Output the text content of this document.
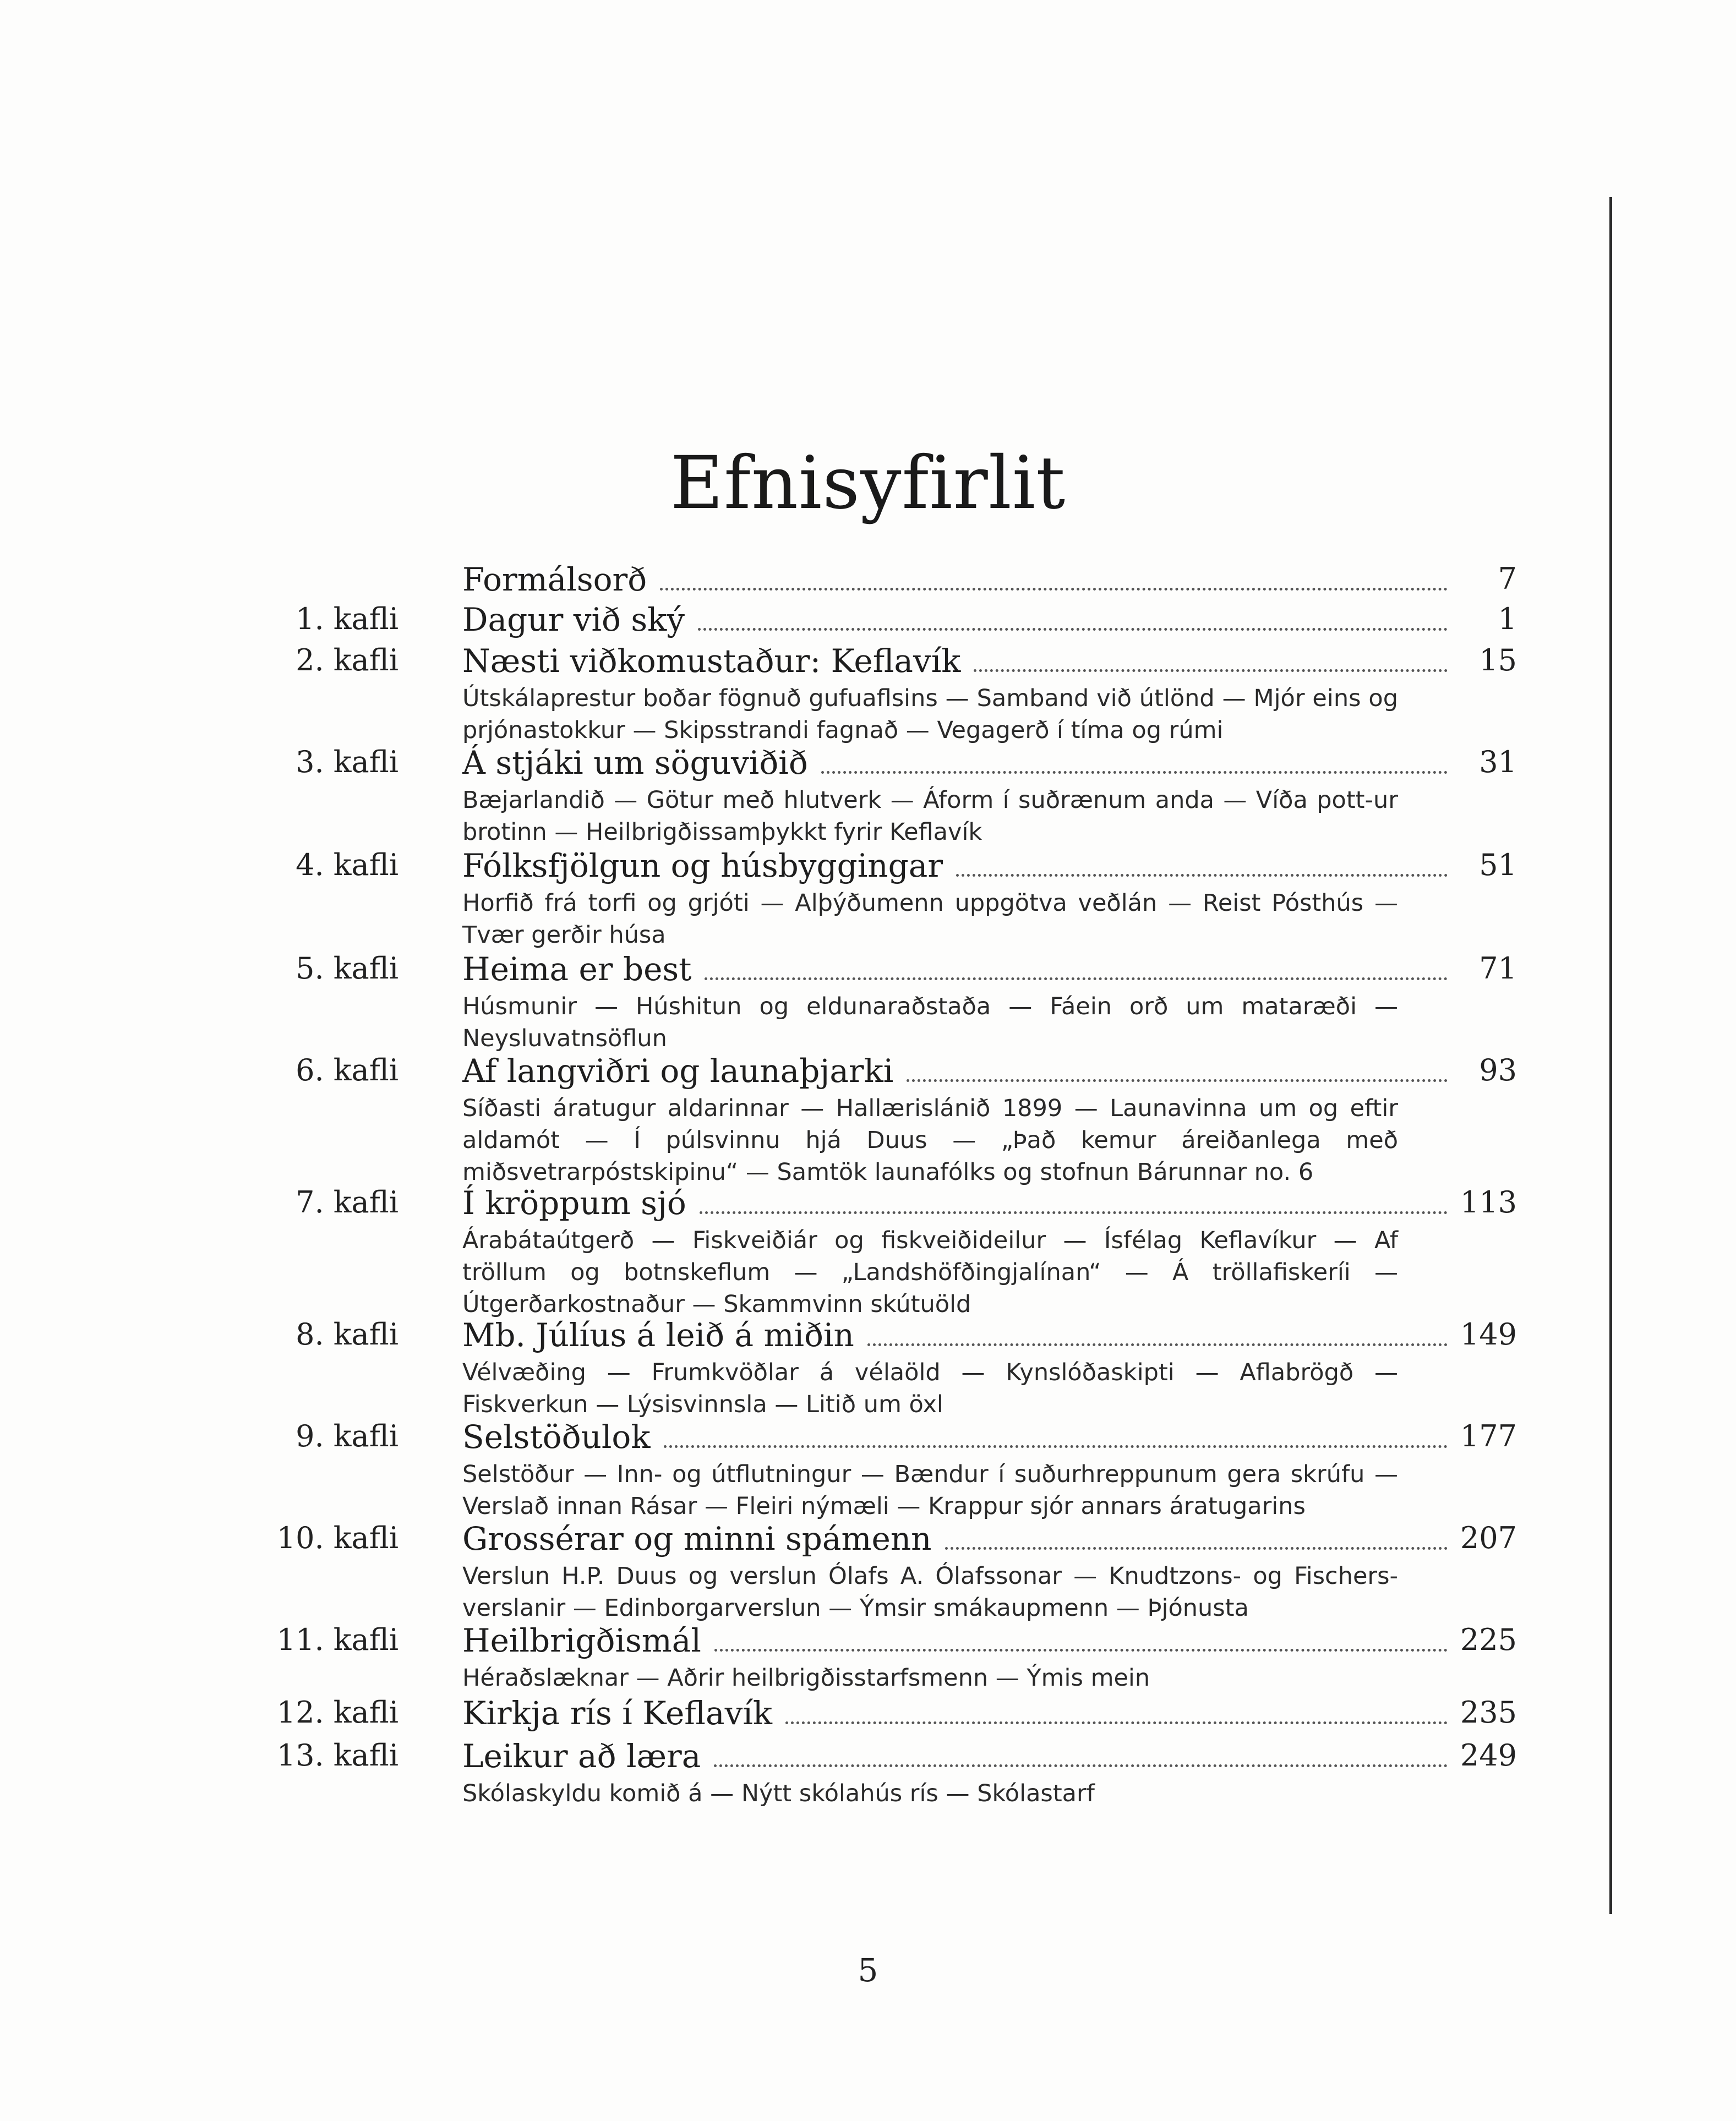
Efnisyfirlit
Formálsorð	7
1. kafli Dagur við ský	1
2. kafli Næsti viðkomustaður: Keflavík	15
Útskálaprestur boðar fögnuð gufuaflsins — Samband við útlönd — Mjór eins og prjónastokkur — Skipsstrandi fagnað — Vegagerð í tíma og rúmi
3. kafli Á stjáki um söguviðið	31
Bæjarlandið — Götur með hlutverk — Áform í suðrænum anda — Víða pott-ur brotinn — Heilbrigðissamþykkt fyrir Keflavík
4. kafli Fólksfjölgun og húsbyggingar	51
Horfið frá torfi og grjóti — Alþýðumenn uppgötva veðlán — Reist Pósthús — Tvær gerðir húsa
5. kafli Heima er best	71
Húsmunir — Húshitun og eldunaraðstaða — Fáein orð um mataræði — Neysluvatnsöflun
6. kafli Af langviðri og launaþjarki	93
Síðasti áratugur aldarinnar — Hallærislánið 1899 — Launavinna um og eftir aldamót — Í púlsvinnu hjá Duus — „Það kemur áreiðanlega með miðsvetrarpóstskipinu“ — Samtök launafólks og stofnun Bárunnar no. 6
7. kafli Í kröppum sjó	113
Árabátaútgerð — Fiskveiðiár og fiskveiðideilur — Ísfélag Keflavíkur — Af tröllum og botnskeflum — „Landshöfðingjalínan“ — Á tröllafiskeríi — Útgerðarkostnaður — Skammvinn skútuöld
8. kafli Mb. Júlíus á leið á miðin	149
Vélvæðing — Frumkvöðlar á vélaöld — Kynslóðaskipti — Aflabrögð — Fiskverkun — Lýsisvinnsla — Litið um öxl
9. kafli Selstöðulok	177
Selstöður — Inn- og útflutningur — Bændur í suðurhreppunum gera skrúfu — Verslað innan Rásar — Fleiri nýmæli — Krappur sjór annars áratugarins
10. kafli Grossérar og minni spámenn	207
Verslun H.P. Duus og verslun Ólafs A. Ólafssonar — Knudtzons- og Fischers-verslanir — Edinborgarverslun — Ýmsir smákaupmenn — Þjónusta
11. kafli Heilbrigðismál	225
Héraðslæknar — Aðrir heilbrigðisstarfsmenn — Ýmis mein
12. kafli Kirkja rís í Keflavík	235
13. kafli Leikur að læra	249
Skólaskyldu komið á — Nýtt skólahús rís — Skólastarf
5
